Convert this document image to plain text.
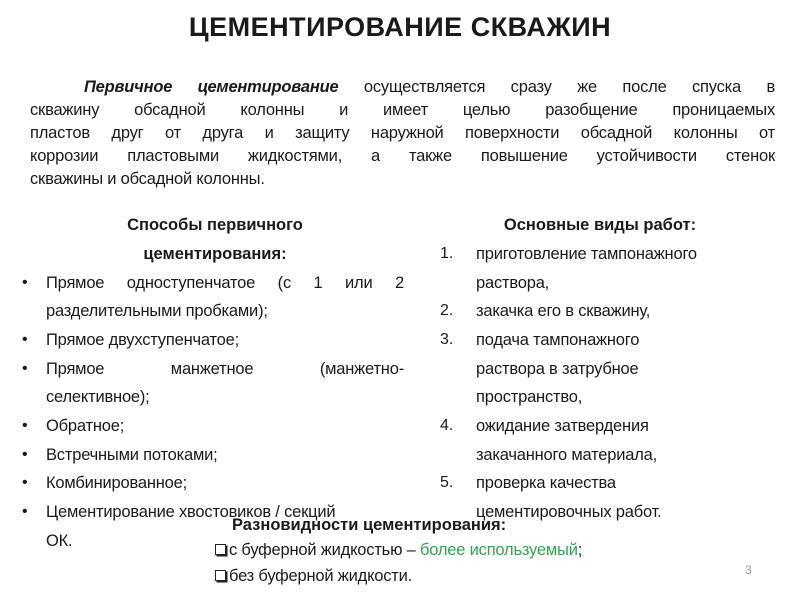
ЦЕМЕНТИРОВАНИЕ СКВАЖИН
Первичное цементирование осуществляется сразу же после спуска в
скважину обсадной колонны и имеет целью разобщение проницаемых
пластов друг от друга и защиту наружной поверхности обсадной колонны от
коррозии пластовыми жидкостями, а также повышение устойчивости стенок
скважины и обсадной колонны.
Способы первичного
цементирования:
• Прямое одноступенчатое (с 1 или 2
разделительными пробками);
• Прямое двухступенчатое;
• Прямое манжетное (манжетно-
селективное);
• Обратное;
• Встречными потоками;
• Комбинированное;
• Цементирование хвостовиков / секций
ОК.
Основные виды работ:
1. приготовление тампонажного
раствора,
2. закачка его в скважину,
3. подача тампонажного
раствора в затрубное
пространство,
4. ожидание затвердения
закачанного материала,
5. проверка качества
цементировочных работ.
Разновидности цементирования:
с буферной жидкостью – более используемый;
без буферной жидкости.	3
